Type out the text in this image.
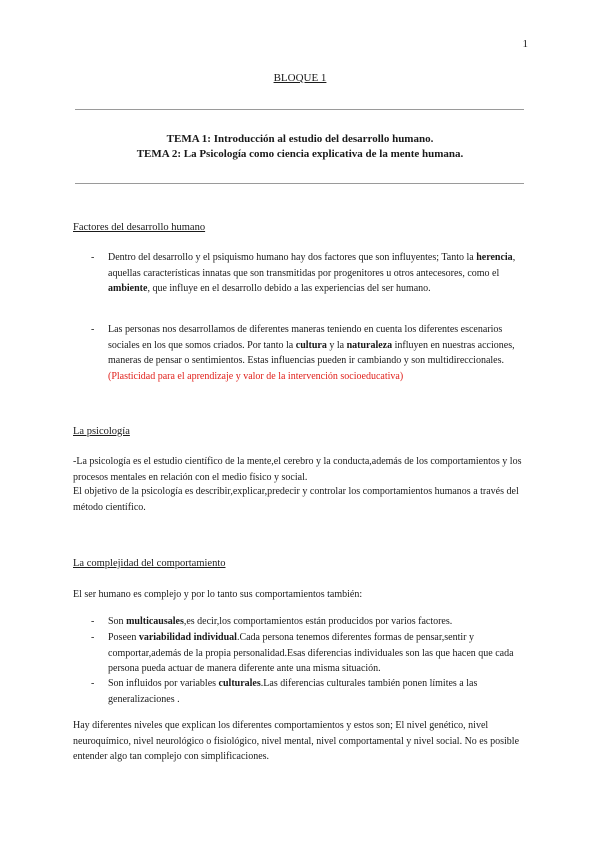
1
BLOQUE 1
TEMA 1: Introducción al estudio del desarrollo humano.
TEMA 2: La Psicología como ciencia explicativa de la mente humana.
Factores del desarrollo humano
- Dentro del desarrollo y el psiquismo humano hay dos factores que son influyentes; Tanto la herencia, aquellas características innatas que son transmitidas por progenitores u otros antecesores, como el ambiente, que influye en el desarrollo debido a las experiencias del ser humano.
- Las personas nos desarrollamos de diferentes maneras teniendo en cuenta los diferentes escenarios sociales en los que somos criados. Por tanto la cultura y la naturaleza influyen en nuestras acciones, maneras de pensar o sentimientos. Estas influencias pueden ir cambiando y son multidireccionales. (Plasticidad para el aprendizaje y valor de la intervención socioeducativa)
La psicología
-La psicología es el estudio científico de la mente,el cerebro y la conducta,además de los comportamientos y los procesos mentales en relación con el medio físico y social.
El objetivo de la psicología es describir,explicar,predecir y controlar los comportamientos humanos a través del método científico.
La complejidad del comportamiento
El ser humano es complejo y por lo tanto sus comportamientos también:
- Son multicausales,es decir,los comportamientos están producidos por varios factores.
- Poseen variabilidad individual.Cada persona tenemos diferentes formas de pensar,sentir y comportar,además de la propia personalidad.Esas diferencias individuales son las que hacen que cada persona pueda actuar de manera diferente ante una misma situación.
- Son influidos por variables culturales.Las diferencias culturales también ponen límites a las generalizaciones .
Hay diferentes niveles que explican los diferentes comportamientos y estos son; El nivel genético, nivel neuroquímico, nivel neurológico o fisiológico, nivel mental, nivel comportamental y nivel social. No es posible entender algo tan complejo con simplificaciones.
